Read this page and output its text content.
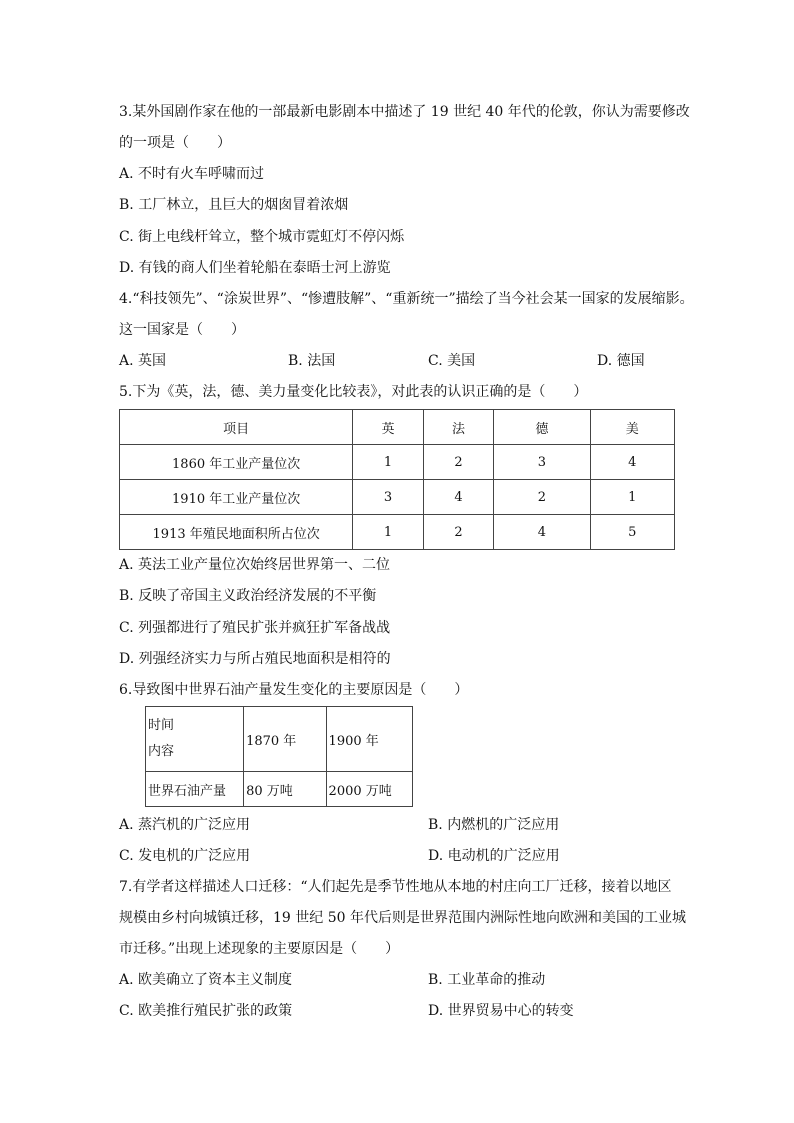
3.某外国剧作家在他的一部最新电影剧本中描述了 19 世纪 40 年代的伦敦，你认为需要修改
的一项是（　　）
A. 不时有火车呼啸而过
B. 工厂林立，且巨大的烟囱冒着浓烟
C. 街上电线杆耸立，整个城市霓虹灯不停闪烁
D. 有钱的商人们坐着轮船在泰晤士河上游览
4.“科技领先”、“涂炭世界”、“惨遭肢解”、“重新统一”描绘了当今社会某一国家的发展缩影。
这一国家是（　　）
A. 英国	B. 法国	C. 美国	D. 德国
5.下为《英，法，德、美力量变化比较表》，对此表的认识正确的是（　　）
项目	英	法	德	美
1860 年工业产量位次	1	2	3	4
1910 年工业产量位次	3	4	2	1
1913 年殖民地面积所占位次	1	2	4	5
A. 英法工业产量位次始终居世界第一、二位
B. 反映了帝国主义政治经济发展的不平衡
C. 列强都进行了殖民扩张并疯狂扩军备战战
D. 列强经济实力与所占殖民地面积是相符的
6.导致图中世界石油产量发生变化的主要原因是（　　）
时间
内容	1870 年	1900 年
世界石油产量	80 万吨	2000 万吨
A. 蒸汽机的广泛应用	B. 内燃机的广泛应用
C. 发电机的广泛应用	D. 电动机的广泛应用
7.有学者这样描述人口迁移：“人们起先是季节性地从本地的村庄向工厂迁移，接着以地区
规模由乡村向城镇迁移，19 世纪 50 年代后则是世界范围内洲际性地向欧洲和美国的工业城
市迁移。”出现上述现象的主要原因是（　　）
A. 欧美确立了资本主义制度	B. 工业革命的推动
C. 欧美推行殖民扩张的政策	D. 世界贸易中心的转变
